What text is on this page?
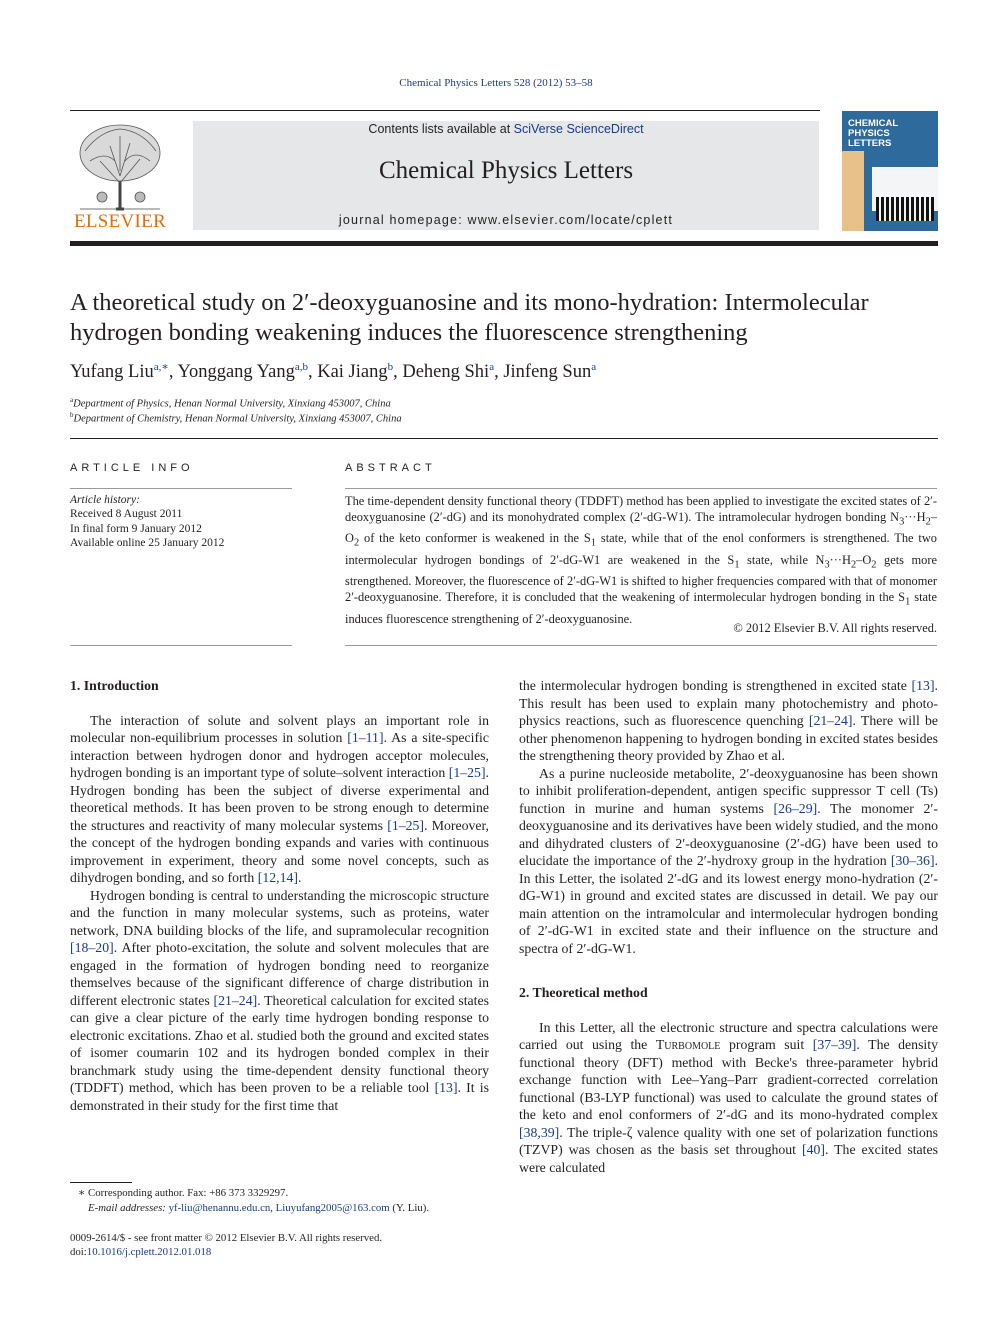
Chemical Physics Letters 528 (2012) 53–58
ELSEVIER
Contents lists available at SciVerse ScienceDirect
Chemical Physics Letters
journal homepage: www.elsevier.com/locate/cplett
CHEMICAL PHYSICS LETTERS
A theoretical study on 2′-deoxyguanosine and its mono-hydration: Intermolecular hydrogen bonding weakening induces the fluorescence strengthening
Yufang Liu$^{a,∗}$, Yonggang Yang$^{a,b}$, Kai Jiang$^b$, Deheng Shi$^a$, Jinfeng Sun$^a$
$^a$Department of Physics, Henan Normal University, Xinxiang 453007, China
$^b$Department of Chemistry, Henan Normal University, Xinxiang 453007, China
ARTICLE INFO	ABSTRACT
Article history:
Received 8 August 2011
In final form 9 January 2012
Available online 25 January 2012
The time-dependent density functional theory (TDDFT) method has been applied to investigate the excited states of 2′-deoxyguanosine (2′-dG) and its monohydrated complex (2′-dG-W1). The intramolecular hydrogen bonding $N_3\cdot\cdot\cdot H_2-O_2$ of the keto conformer is weakened in the $S_1$ state, while that of the enol conformers is strengthened. The two intermolecular hydrogen bondings of 2′-dG-W1 are weakened in the $S_1$ state, while $N_3\cdot\cdot\cdot H_2-O_2$ gets more strengthened. Moreover, the fluorescence of 2′-dG-W1 is shifted to higher frequencies compared with that of monomer 2′-deoxyguanosine. Therefore, it is concluded that the weakening of intermolecular hydrogen bonding in the $S_1$ state induces fluorescence strengthening of 2′-deoxyguanosine.
© 2012 Elsevier B.V. All rights reserved.
1. Introduction

The interaction of solute and solvent plays an important role in molecular non-equilibrium processes in solution [1–11]. As a site-specific interaction between hydrogen donor and hydrogen acceptor molecules, hydrogen bonding is an important type of solute–solvent interaction [1–25]. Hydrogen bonding has been the subject of diverse experimental and theoretical methods. It has been proven to be strong enough to determine the structures and reactivity of many molecular systems [1–25]. Moreover, the concept of the hydrogen bonding expands and varies with continuous improvement in experiment, theory and some novel concepts, such as dihydrogen bonding, and so forth [12,14].

Hydrogen bonding is central to understanding the microscopic structure and the function in many molecular systems, such as proteins, water network, DNA building blocks of the life, and supramolecular recognition [18–20]. After photo-excitation, the solute and solvent molecules that are engaged in the formation of hydrogen bonding need to reorganize themselves because of the significant difference of charge distribution in different electronic states [21–24]. Theoretical calculation for excited states can give a clear picture of the early time hydrogen bonding response to electronic excitations. Zhao et al. studied both the ground and excited states of isomer coumarin 102 and its hydrogen bonded complex in their branchmark study using the time-dependent density functional theory (TDDFT) method, which has been proven to be a reliable tool [13]. It is demonstrated in their study for the first time that

the intermolecular hydrogen bonding is strengthened in excited state [13]. This result has been used to explain many photochemistry and photo-physics reactions, such as fluorescence quenching [21–24]. There will be other phenomenon happening to hydrogen bonding in excited states besides the strengthening theory provided by Zhao et al.

As a purine nucleoside metabolite, 2′-deoxyguanosine has been shown to inhibit proliferation-dependent, antigen specific suppressor T cell (Ts) function in murine and human systems [26–29]. The monomer 2′-deoxyguanosine and its derivatives have been widely studied, and the mono and dihydrated clusters of 2′-deoxyguanosine (2′-dG) have been used to elucidate the importance of the 2′-hydroxy group in the hydration [30–36]. In this Letter, the isolated 2′-dG and its lowest energy mono-hydration (2′-dG-W1) in ground and excited states are discussed in detail. We pay our main attention on the intramolcular and intermolecular hydrogen bonding of 2′-dG-W1 in excited state and their influence on the structure and spectra of 2′-dG-W1.

2. Theoretical method

In this Letter, all the electronic structure and spectra calculations were carried out using the Turbomole program suit [37–39]. The density functional theory (DFT) method with Becke's three-parameter hybrid exchange function with Lee–Yang–Parr gradient-corrected correlation functional (B3-LYP functional) was used to calculate the ground states of the keto and enol conformers of 2′-dG and its mono-hydrated complex [38,39]. The triple-ζ valence quality with one set of polarization functions (TZVP) was chosen as the basis set throughout [40]. The excited states were calculated

∗ Corresponding author. Fax: +86 373 3329297.
E-mail addresses: yf-liu@henannu.edu.cn, Liuyufang2005@163.com (Y. Liu).
0009-2614/$ - see front matter © 2012 Elsevier B.V. All rights reserved.
doi:10.1016/j.cplett.2012.01.018
